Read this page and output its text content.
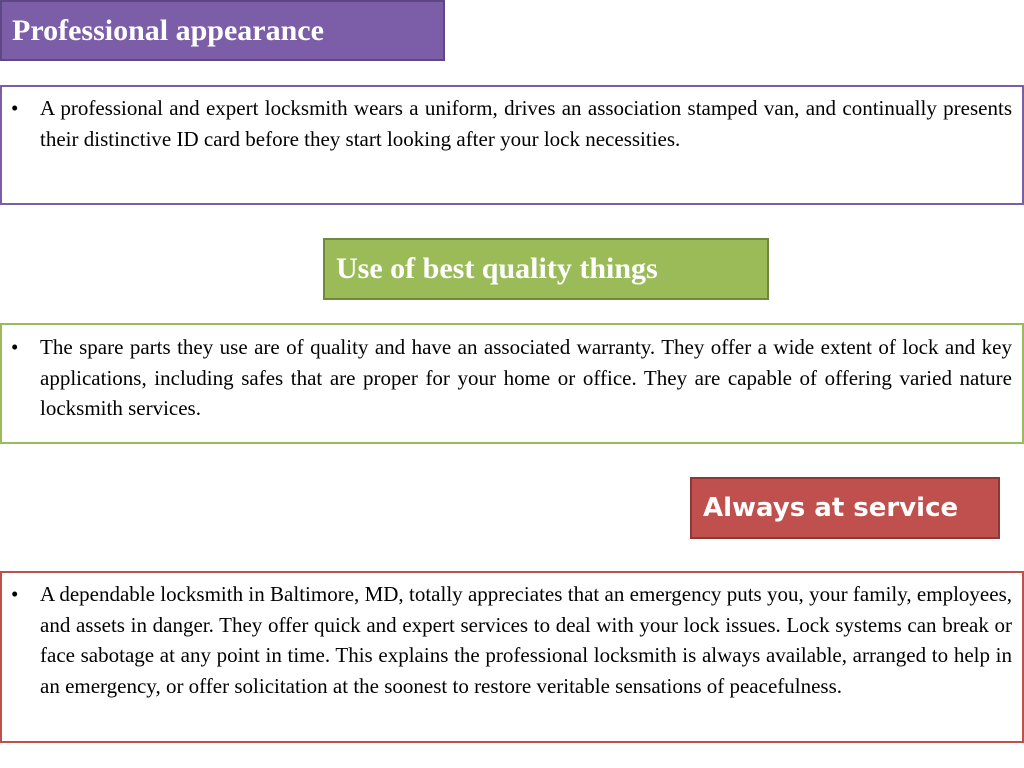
Professional appearance
•	A professional and expert locksmith wears a uniform, drives an association stamped van, and continually presents their distinctive ID card before they start looking after your lock necessities.
Use of best quality things
•	The spare parts they use are of quality and have an associated warranty. They offer a wide extent of lock and key applications, including safes that are proper for your home or office. They are capable of offering varied nature locksmith services.
Always at service
•	A dependable locksmith in Baltimore, MD, totally appreciates that an emergency puts you, your family, employees, and assets in danger. They offer quick and expert services to deal with your lock issues. Lock systems can break or face sabotage at any point in time. This explains the professional locksmith is always available, arranged to help in an emergency, or offer solicitation at the soonest to restore veritable sensations of peacefulness.
